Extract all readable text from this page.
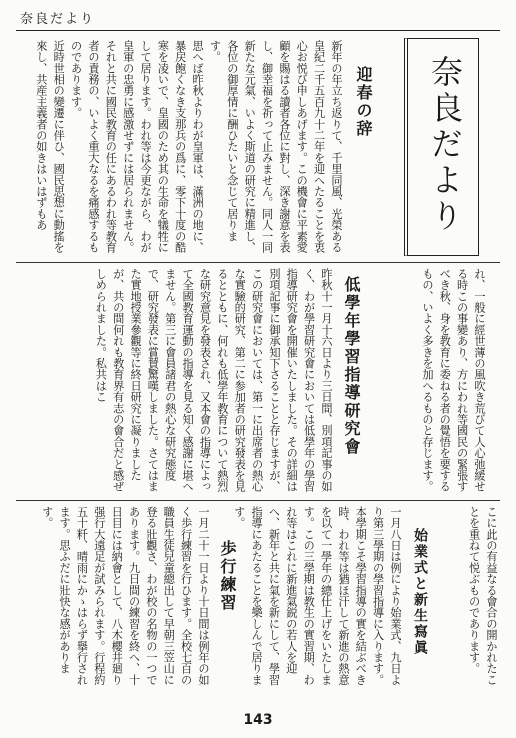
奈良だより
奈良だより
迎春の辞
新年の年立ち返りて、千里同風、光榮ある皇紀二千五百九十二年を迎へたることを衷心お悦び申しあげます。この機會に平素愛顧を賜はる讀者各位に對し、深き謝意を表し、御幸福を祈って止みません。同人一同新たな元氣、いよく斯道の研究に精進し、各位の御厚情に酬ひたいと念じて居ります。
思へば昨秋よりわが皇軍は、滿洲の地に、暴戻飽くなき支那兵の爲に、零下十度の酷寒を凌いで、皇國のため其の生命を犠牲にして居ります。われ等は今更ながら、わが皇軍の忠勇に感激せずには居られません。それと共に國民教育の任にあるわれ等教育者の責務の、いよく重大なるを痛感するものであります。
近時世相の變遷に伴ひ、國民思想に動搖を來し、共産主義者の如きはいはずもあ
れ、一般に經世薄の風吹き荒びて人心弛緩せる時この事變あり、方にわれ等國民の緊張すべき秋、身を教育に委ねる者の覺悟を要するもの、いよく多きを加へるものと存じます。
低學年學習指導研究會
昨秋十一月十六日より三日間、別項記事の如く、わが學習研究會においては低學年の學習指導研究會を開催いたしました。その詳細は別項記事に御承知下さることと存じますが、この研究會においては、第一に出席者の熱心な實驗的研究、第二に参加者の研究發表を見るとともに、何れも低學年教育について熱烈な研究意見を發表され、又本會の指導によって全國教育運動の指導を見る知く感謝に堪へません。第三に會員諸君の熱心な研究態度で、研究發表に賞賛驚嘆しました。さてはまた實地授業參觀等に終日研究に凝りましたが、共の間何れも教育界有志の會合だと感ぜしめられました。私共はこ
こに此の有益なる會合の開かれたことを重ねて悦ぶものであります。
始業式と新生寫眞
一月八日は例により始業式、九日より第三學期の學習指導に入ります。本學期こそ學習指導の實を結ぶべき時、われ等は猶ほ汗して新進の熱意を以て一學年の總仕上げをいたします。この三學期は教生の實習期、われ等はこれに新進氣鋭の若人を迎へ、新年と共に氣を新にして、學習指導にあたることを樂しんで居ります。
歩行練習
一月二十一日より十日間は例年の如く歩行練習を行ひます。全校七百の職員生徒兒童總出して早朝三笠山に登る壯觀さ、わが校の名物の一つであります。九日間の練習を終へ、十日目には納會として、八木櫻井廻り强行大遠足が試みられます。行程約五十粁、晴雨にかゝはらず擧行されます。思ふだに壯快な感があります。
143
